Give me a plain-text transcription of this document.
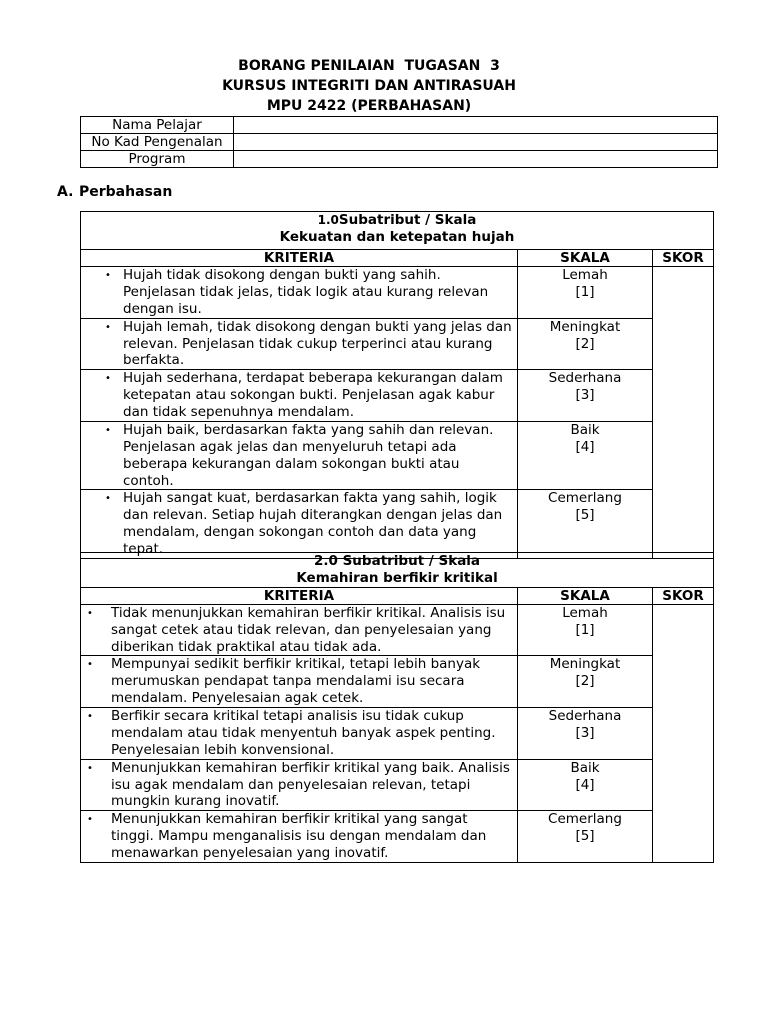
BORANG PENILAIAN  TUGASAN  3
KURSUS INTEGRITI DAN ANTIRASUAH
MPU 2422 (PERBAHASAN)
Nama Pelajar	
No Kad Pengenalan	
Program	
A. Perbahasan
1.0Subatribut / Skala
Kekuatan dan ketepatan hujah		

KRITERIA	SKALA	SKOR

• Hujah tidak disokong dengan bukti yang sahih. Penjelasan tidak jelas, tidak logik atau kurang relevan dengan isu.	Lemah
[1]	

• Hujah lemah, tidak disokong dengan bukti yang jelas dan relevan. Penjelasan tidak cukup terperinci atau kurang berfakta.	Meningkat
[2]	

• Hujah sederhana, terdapat beberapa kekurangan dalam ketepatan atau sokongan bukti. Penjelasan agak kabur dan tidak sepenuhnya mendalam.	Sederhana
[3]	

• Hujah baik, berdasarkan fakta yang sahih dan relevan. Penjelasan agak jelas dan menyeluruh tetapi ada beberapa kekurangan dalam sokongan bukti atau contoh.	Baik
[4]	

• Hujah sangat kuat, berdasarkan fakta yang sahih, logik dan relevan. Setiap hujah diterangkan dengan jelas dan mendalam, dengan sokongan contoh dan data yang tepat.	Cemerlang
[5]	
2.0 Subatribut / Skala
Kemahiran berfikir kritikal		

KRITERIA	SKALA	SKOR

• Tidak menunjukkan kemahiran berfikir kritikal. Analisis isu sangat cetek atau tidak relevan, dan penyelesaian yang diberikan tidak praktikal atau tidak ada.	Lemah
[1]	

• Mempunyai sedikit berfikir kritikal, tetapi lebih banyak merumuskan pendapat tanpa mendalami isu secara mendalam. Penyelesaian agak cetek.	Meningkat
[2]	

• Berfikir secara kritikal tetapi analisis isu tidak cukup mendalam atau tidak menyentuh banyak aspek penting. Penyelesaian lebih konvensional.	Sederhana
[3]	

• Menunjukkan kemahiran berfikir kritikal yang baik. Analisis isu agak mendalam dan penyelesaian relevan, tetapi mungkin kurang inovatif.	Baik
[4]	

• Menunjukkan kemahiran berfikir kritikal yang sangat tinggi. Mampu menganalisis isu dengan mendalam dan menawarkan penyelesaian yang inovatif.	Cemerlang
[5]	
